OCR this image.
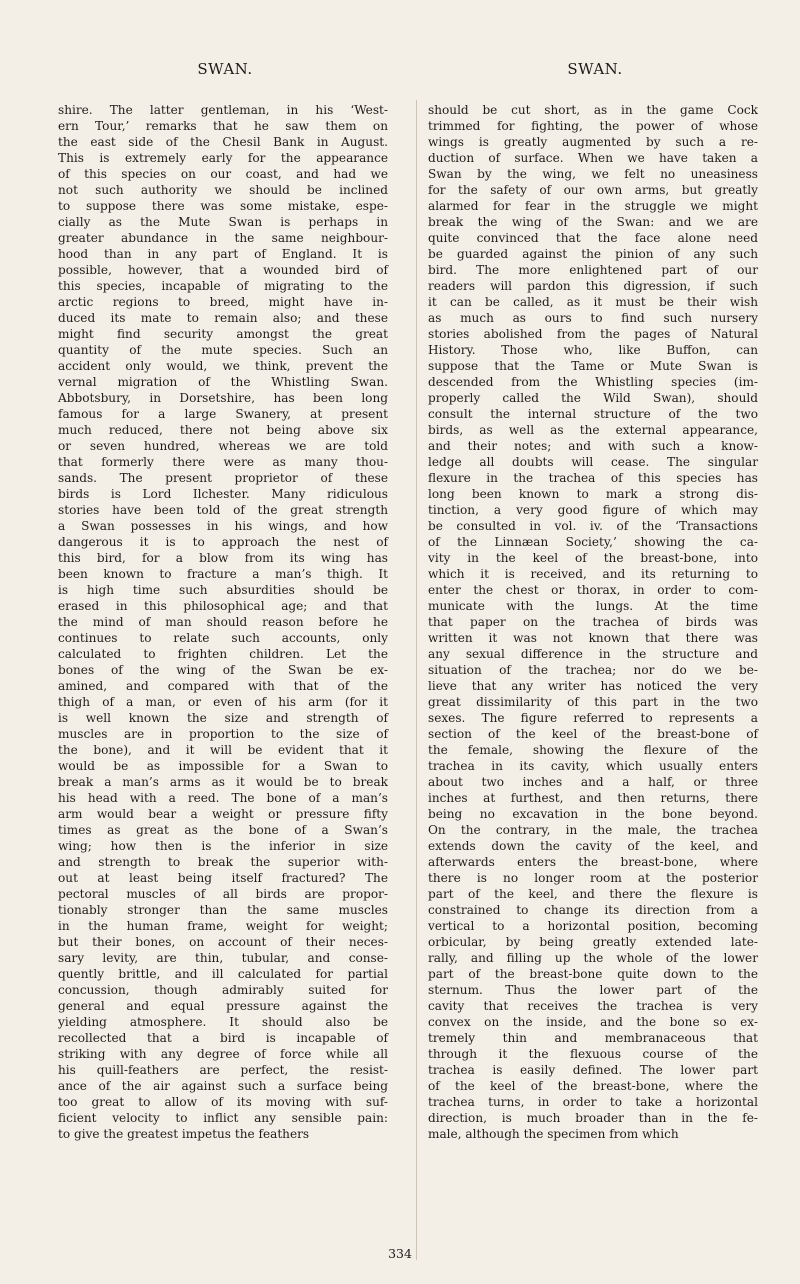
SWAN.	SWAN.
shire. The latter gentleman, in his ‘West-
ern Tour,’ remarks that he saw them on
the east side of the Chesil Bank in August.
This is extremely early for the appearance
of this species on our coast, and had we
not such authority we should be inclined
to suppose there was some mistake, espe-
cially as the Mute Swan is perhaps in
greater abundance in the same neighbour-
hood than in any part of England. It is
possible, however, that a wounded bird of
this species, incapable of migrating to the
arctic regions to breed, might have in-
duced its mate to remain also; and these
might find security amongst the great
quantity of the mute species. Such an
accident only would, we think, prevent the
vernal migration of the Whistling Swan.
Abbotsbury, in Dorsetshire, has been long
famous for a large Swanery, at present
much reduced, there not being above six
or seven hundred, whereas we are told
that formerly there were as many thou-
sands. The present proprietor of these
birds is Lord Ilchester. Many ridiculous
stories have been told of the great strength
a Swan possesses in his wings, and how
dangerous it is to approach the nest of
this bird, for a blow from its wing has
been known to fracture a man’s thigh. It
is high time such absurdities should be
erased in this philosophical age; and that
the mind of man should reason before he
continues to relate such accounts, only
calculated to frighten children. Let the
bones of the wing of the Swan be ex-
amined, and compared with that of the
thigh of a man, or even of his arm (for it
is well known the size and strength of
muscles are in proportion to the size of
the bone), and it will be evident that it
would be as impossible for a Swan to
break a man’s arms as it would be to break
his head with a reed. The bone of a man’s
arm would bear a weight or pressure fifty
times as great as the bone of a Swan’s
wing; how then is the inferior in size
and strength to break the superior with-
out at least being itself fractured? The
pectoral muscles of all birds are propor-
tionably stronger than the same muscles
in the human frame, weight for weight;
but their bones, on account of their neces-
sary levity, are thin, tubular, and conse-
quently brittle, and ill calculated for partial
concussion, though admirably suited for
general and equal pressure against the
yielding atmosphere. It should also be
recollected that a bird is incapable of
striking with any degree of force while all
his quill-feathers are perfect, the resist-
ance of the air against such a surface being
too great to allow of its moving with suf-
ficient velocity to inflict any sensible pain:
to give the greatest impetus the feathers
should be cut short, as in the game Cock
trimmed for fighting, the power of whose
wings is greatly augmented by such a re-
duction of surface. When we have taken a
Swan by the wing, we felt no uneasiness
for the safety of our own arms, but greatly
alarmed for fear in the struggle we might
break the wing of the Swan: and we are
quite convinced that the face alone need
be guarded against the pinion of any such
bird. The more enlightened part of our
readers will pardon this digression, if such
it can be called, as it must be their wish
as much as ours to find such nursery
stories abolished from the pages of Natural
History. Those who, like Buffon, can
suppose that the Tame or Mute Swan is
descended from the Whistling species (im-
properly called the Wild Swan), should
consult the internal structure of the two
birds, as well as the external appearance,
and their notes; and with such a know-
ledge all doubts will cease. The singular
flexure in the trachea of this species has
long been known to mark a strong dis-
tinction, a very good figure of which may
be consulted in vol. iv. of the ‘Transactions
of the Linnæan Society,’ showing the ca-
vity in the keel of the breast-bone, into
which it is received, and its returning to
enter the chest or thorax, in order to com-
municate with the lungs. At the time
that paper on the trachea of birds was
written it was not known that there was
any sexual difference in the structure and
situation of the trachea; nor do we be-
lieve that any writer has noticed the very
great dissimilarity of this part in the two
sexes. The figure referred to represents a
section of the keel of the breast-bone of
the female, showing the flexure of the
trachea in its cavity, which usually enters
about two inches and a half, or three
inches at furthest, and then returns, there
being no excavation in the bone beyond.
On the contrary, in the male, the trachea
extends down the cavity of the keel, and
afterwards enters the breast-bone, where
there is no longer room at the posterior
part of the keel, and there the flexure is
constrained to change its direction from a
vertical to a horizontal position, becoming
orbicular, by being greatly extended late-
rally, and filling up the whole of the lower
part of the breast-bone quite down to the
sternum. Thus the lower part of the
cavity that receives the trachea is very
convex on the inside, and the bone so ex-
tremely thin and membranaceous that
through it the flexuous course of the
trachea is easily defined. The lower part
of the keel of the breast-bone, where the
trachea turns, in order to take a horizontal
direction, is much broader than in the fe-
male, although the specimen from which
334
